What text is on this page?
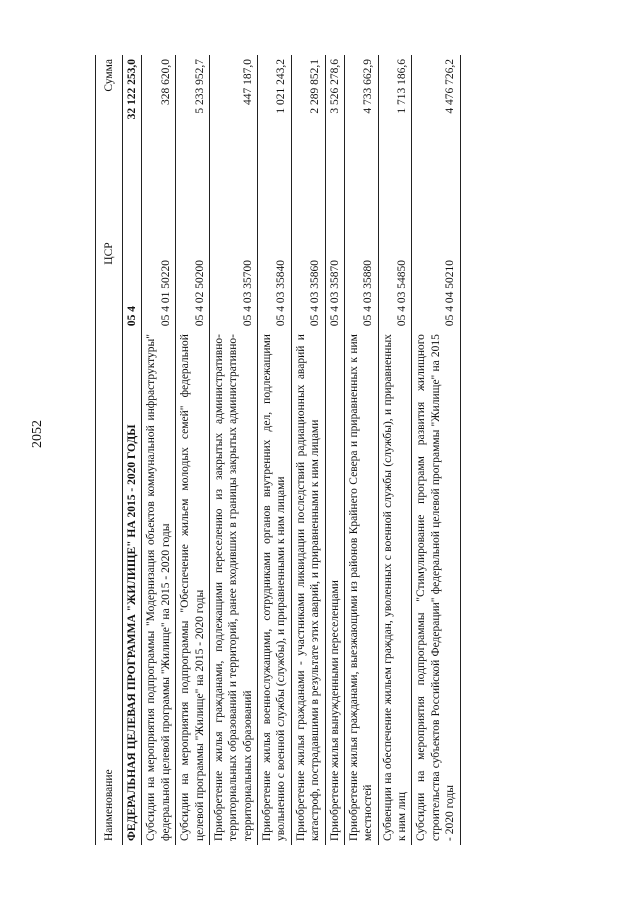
2052
Наименование	ЦСР	Сумма
ФЕДЕРАЛЬНАЯ ЦЕЛЕВАЯ ПРОГРАММА "ЖИЛИЩЕ" НА 2015 - 2020 ГОДЫ	05 4	32 122 253,0
Субсидии на мероприятия подпрограммы "Модернизация объектов коммунальной инфраструктуры" федеральной целевой программы "Жилище" на 2015 - 2020 годы	05 4 01 50220	328 620,0
Субсидии на мероприятия подпрограммы "Обеспечение жильем молодых семей" федеральной целевой программы "Жилище" на 2015 - 2020 годы	05 4 02 50200	5 233 952,7
Приобретение жилья гражданами, подлежащими переселению из закрытых административно-территориальных образований и территорий, ранее входивших в границы закрытых административно-территориальных образований	05 4 03 35700	447 187,0
Приобретение жилья военнослужащими, сотрудниками органов внутренних дел, подлежащими увольнению с военной службы (службы), и приравненными к ним лицами	05 4 03 35840	1 021 243,2
Приобретение жилья гражданами - участниками ликвидации последствий радиационных аварий и катастроф, пострадавшими в результате этих аварий, и приравненными к ним лицами	05 4 03 35860	2 289 852,1
Приобретение жилья вынужденными переселенцами	05 4 03 35870	3 526 278,6
Приобретение жилья гражданами, выезжающими из районов Крайнего Севера и приравненных к ним местностей	05 4 03 35880	4 733 662,9
Субвенции на обеспечение жильем граждан, уволенных с военной службы (службы), и приравненных к ним лиц	05 4 03 54850	1 713 186,6
Субсидии на мероприятия подпрограммы "Стимулирование программ развития жилищного строительства субъектов Российской Федерации" федеральной целевой программы "Жилище" на 2015 - 2020 годы	05 4 04 50210	4 476 726,2
